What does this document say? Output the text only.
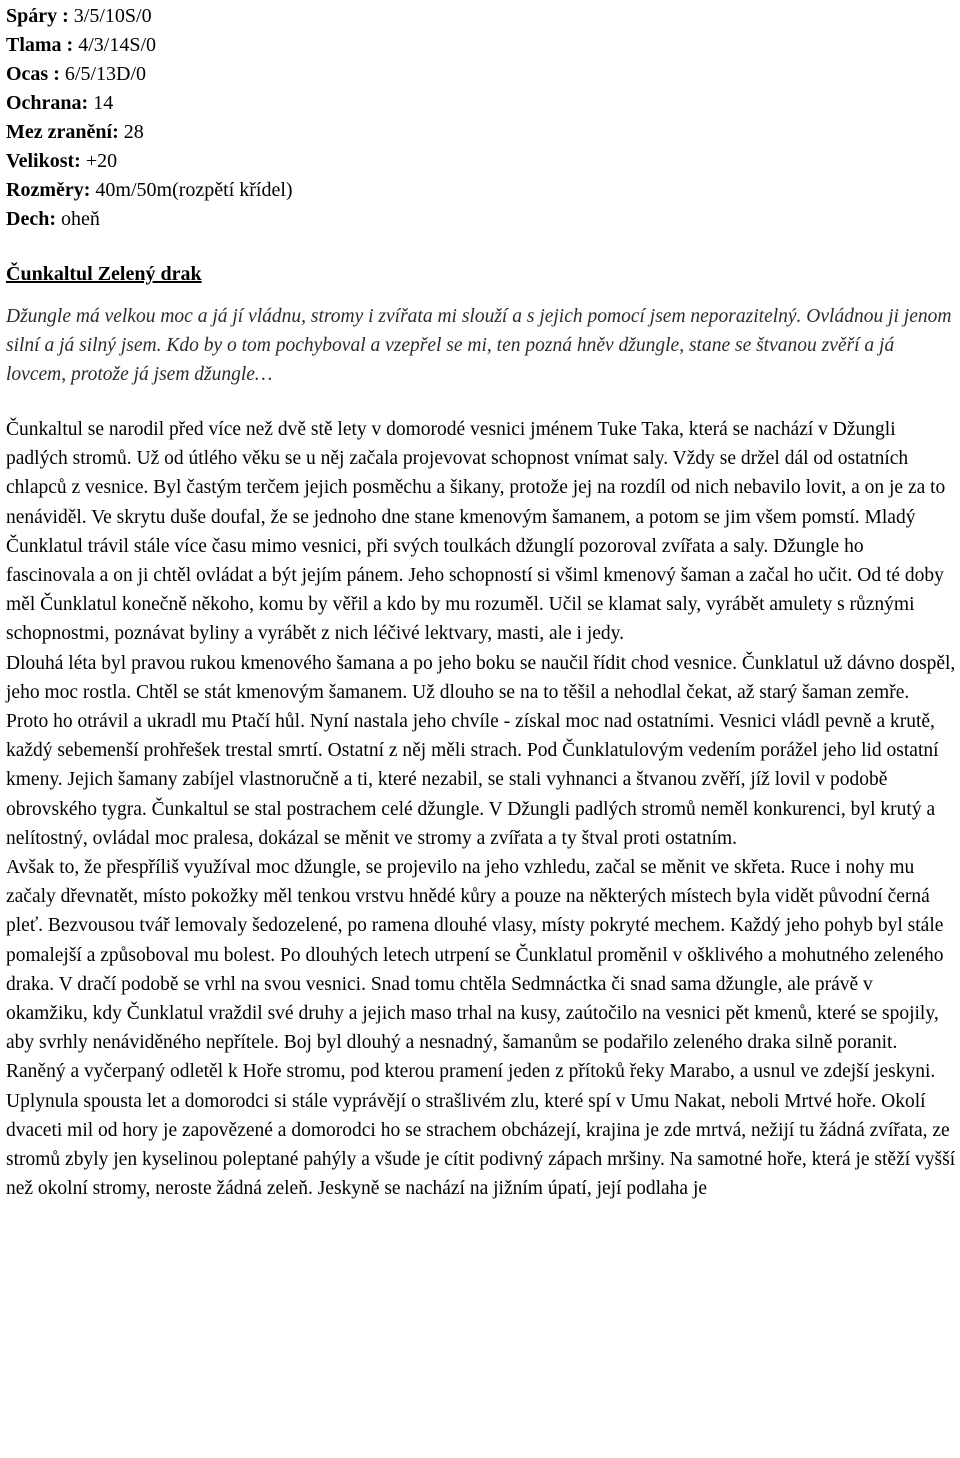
Spáry : 3/5/10S/0
Tlama : 4/3/14S/0
Ocas : 6/5/13D/0
Ochrana: 14
Mez zranění: 28
Velikost: +20
Rozměry: 40m/50m(rozpětí křídel)
Dech: oheň
Čunkaltul Zelený drak
Džungle má velkou moc a já jí vládnu, stromy i zvířata mi slouží a s jejich pomocí jsem neporazitelný. Ovládnou ji jenom silní a já silný jsem. Kdo by o tom pochyboval a vzepřel se mi, ten pozná hněv džungle, stane se štvanou zvěří a já lovcem, protože já jsem džungle…

Čunkaltul se narodil před více než dvě stě lety v domorodé vesnici jménem Tuke Taka, která se nachází v Džungli padlých stromů. Už od útlého věku se u něj začala projevovat schopnost vnímat saly. Vždy se držel dál od ostatních chlapců z vesnice. Byl častým terčem jejich posměchu a šikany, protože jej na rozdíl od nich nebavilo lovit, a on je za to nenáviděl. Ve skrytu duše doufal, že se jednoho dne stane kmenovým šamanem, a potom se jim všem pomstí. Mladý Čunklatul trávil stále více času mimo vesnici, při svých toulkách džunglí pozoroval zvířata a saly. Džungle ho fascinovala a on ji chtěl ovládat a být jejím pánem. Jeho schopností si všiml kmenový šaman a začal ho učit. Od té doby měl Čunklatul konečně někoho, komu by věřil a kdo by mu rozuměl. Učil se klamat saly, vyrábět amulety s různými schopnostmi, poznávat byliny a vyrábět z nich léčivé lektvary, masti, ale i jedy.

Dlouhá léta byl pravou rukou kmenového šamana a po jeho boku se naučil řídit chod vesnice. Čunklatul už dávno dospěl, jeho moc rostla. Chtěl se stát kmenovým šamanem. Už dlouho se na to těšil a nehodlal čekat, až starý šaman zemře. Proto ho otrávil a ukradl mu Ptačí hůl. Nyní nastala jeho chvíle - získal moc nad ostatními. Vesnici vládl pevně a krutě, každý sebemenší prohřešek trestal smrtí. Ostatní z něj měli strach. Pod Čunklatulovým vedením porážel jeho lid ostatní kmeny. Jejich šamany zabíjel vlastnoručně a ti, které nezabil, se stali vyhnanci a štvanou zvěří, jíž lovil v podobě obrovského tygra. Čunkaltul se stal postrachem celé džungle. V Džungli padlých stromů neměl konkurenci, byl krutý a nelítostný, ovládal moc pralesa, dokázal se měnit ve stromy a zvířata a ty štval proti ostatním.

Avšak to, že přespříliš využíval moc džungle, se projevilo na jeho vzhledu, začal se měnit ve skřeta. Ruce i nohy mu začaly dřevnatět, místo pokožky měl tenkou vrstvu hnědé kůry a pouze na některých místech byla vidět původní černá pleť. Bezvousou tvář lemovaly šedozelené, po ramena dlouhé vlasy, místy pokryté mechem. Každý jeho pohyb byl stále pomalejší a způsoboval mu bolest. Po dlouhých letech utrpení se Čunklatul proměnil v ošklivého a mohutného zeleného draka. V dračí podobě se vrhl na svou vesnici. Snad tomu chtěla Sedmnáctka či snad sama džungle, ale právě v okamžiku, kdy Čunklatul vraždil své druhy a jejich maso trhal na kusy, zaútočilo na vesnici pět kmenů, které se spojily, aby svrhly nenáviděného nepřítele. Boj byl dlouhý a nesnadný, šamanům se podařilo zeleného draka silně poranit. Raněný a vyčerpaný odletěl k Hoře stromu, pod kterou pramení jeden z přítoků řeky Marabo, a usnul ve zdejší jeskyni.

Uplynula spousta let a domorodci si stále vyprávějí o strašlivém zlu, které spí v Umu Nakat, neboli Mrtvé hoře. Okolí dvaceti mil od hory je zapovězené a domorodci ho se strachem obcházejí, krajina je zde mrtvá, nežijí tu žádná zvířata, ze stromů zbyly jen kyselinou poleptané pahýly a všude je cítit podivný zápach mršiny. Na samotné hoře, která je stěží vyšší než okolní stromy, neroste žádná zeleň. Jeskyně se nachází na jižním úpatí, její podlaha je
